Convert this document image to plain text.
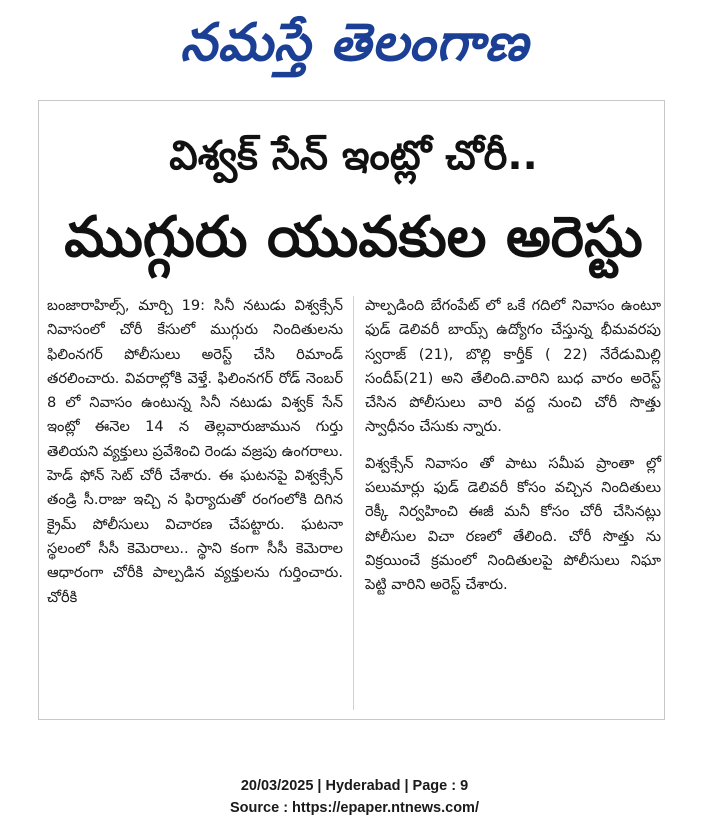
నమస్తే తెలంగాణ
విశ్వక్ సేన్ ఇంట్లో చోరీ..
ముగ్గురు యువకుల అరెస్టు

బంజారాహిల్స్, మార్చి 19: సినీ నటుడు విశ్వక్సేన్ నివాసంలో చోరీ కేసులో ముగ్గురు నిందితులను ఫిలింనగర్ పోలీసులు అరెస్ట్ చేసి రిమాండ్ తరలించారు. వివరాల్లోకి వెళ్తే. ఫిలింనగర్ రోడ్ నెంబర్ 8 లో నివాసం ఉంటున్న సినీ నటుడు విశ్వక్ సేన్ ఇంట్లో ఈనెల 14 న తెల్లవారుజామున గుర్తు తెలియని వ్యక్తులు ప్రవేశించి రెండు వజ్రపు ఉంగరాలు. హెడ్ ఫోన్ సెట్ చోరీ చేశారు. ఈ ఘటనపై విశ్వక్సేన్ తండ్రి సీ.రాజు ఇచ్చి న ఫిర్యాదుతో రంగంలోకి దిగిన క్రైమ్ పోలీసులు విచారణ చేపట్టారు. ఘటనా స్థలంలో సీసీ కెమెరాలు.. స్థాని కంగా సీసీ కెమెరాల ఆధారంగా చోరీకి పాల్పడిన వ్యక్తులను గుర్తించారు. చోరీకి

పాల్పడింది బేగంపేట్ లో ఒకే గదిలో నివాసం ఉంటూ ఫుడ్ డెలివరీ బాయ్స్ ఉద్యోగం చేస్తున్న భీమవరపు స్వరాజ్ (21), బొల్లి కార్తీక్ ( 22) నేరేడుమిల్లి సందీప్(21) అని తేలింది.వారిని బుధ వారం అరెస్ట్ చేసిన పోలీసులు వారి వద్ద నుంచి చోరీ సొత్తు స్వాధీనం చేసుకు న్నారు.

విశ్వక్సేన్ నివాసం తో పాటు సమీప ప్రాంతా ల్లో పలుమార్లు ఫుడ్ డెలివరీ కోసం వచ్చిన నిందితులు రెక్కీ నిర్వహించి ఈజీ మనీ కోసం చోరీ చేసినట్లు పోలీసుల విచా రణలో తేలింది. చోరీ సొత్తు ను విక్రయించే క్రమంలో నిందితులపై పోలీసులు నిఘా పెట్టి వారిని అరెస్ట్ చేశారు.

20/03/2025 | Hyderabad | Page : 9
Source : https://epaper.ntnews.com/
